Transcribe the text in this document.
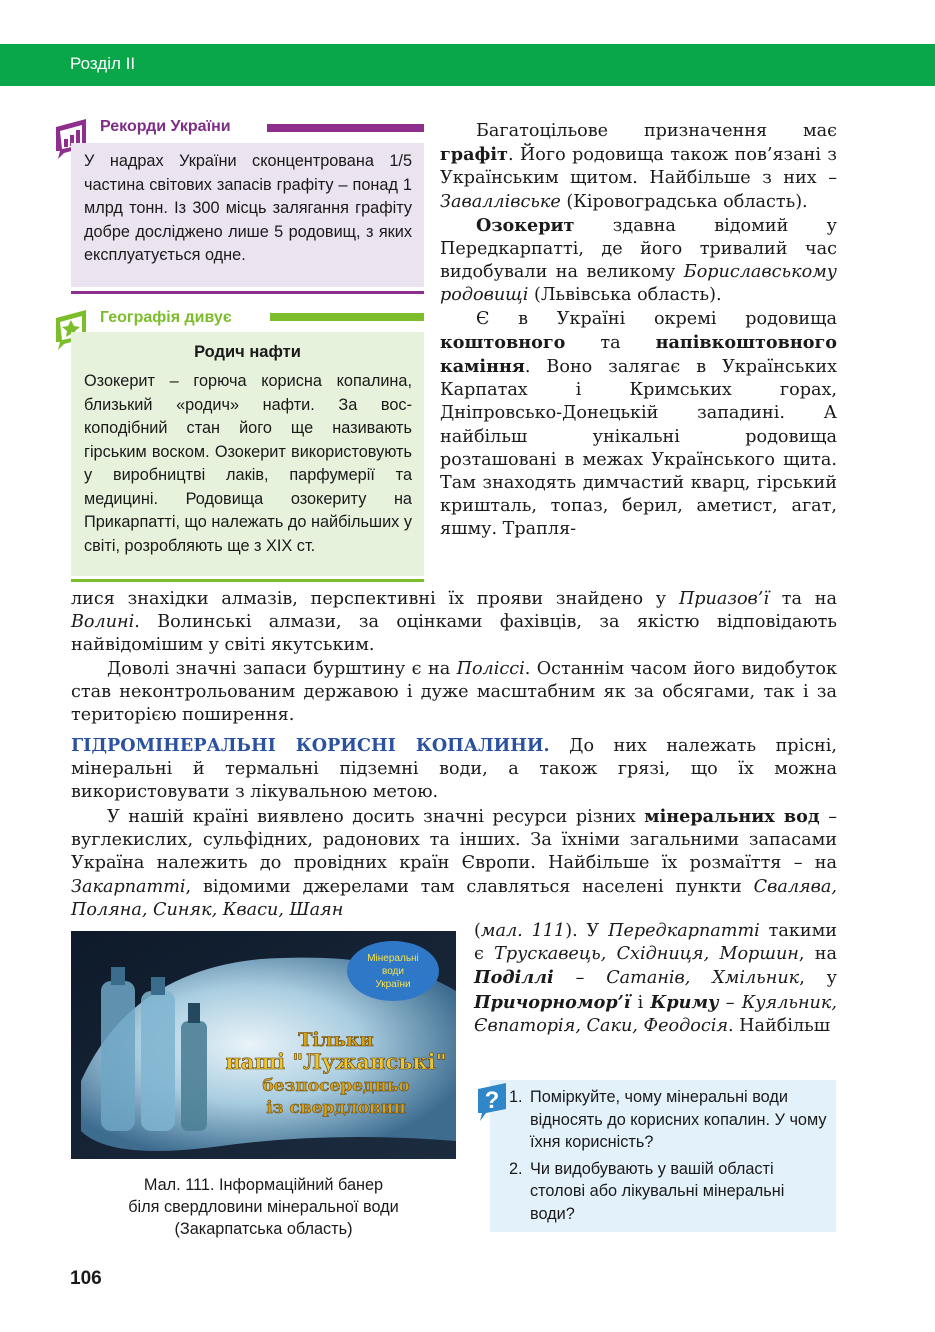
Розділ ІІ
Рекорди України
У надрах України сконцентрована 1/5 частина світових запасів графіту – понад 1 млрд тонн. Із 300 місць залягання графіту добре досліджено лише 5 родовищ, з яких експлуатується одне.
Географія дивує
Родич нафти
Озокерит – горюча корисна копалина, близький «родич» нафти. За воскоподібний стан його ще називають гірським воском. Озокерит використовують у виробництві лаків, парфумерії та медицині. Родовища озокериту на Прикарпатті, що належать до найбільших у світі, розробляють ще з ХІХ ст.

Багатоцільове призначення має графіт. Його родовища також пов’язані з Українським щитом. Найбільше з них – Заваллівське (Кіровоградська область).

Озокерит здавна відомий у Передкарпатті, де його тривалий час видобували на великому Бориславському родовищі (Львівська область).

Є в Україні окремі родовища коштовного та напівкоштовного каміння. Воно залягає в Українських Карпатах і Кримських горах, Дніпровсько-Донецькій западині. А найбільш унікальні родовища розташовані в межах Українського щита. Там знаходять димчастий кварц, гірський кришталь, топаз, берил, аметист, агат, яшму. Трапля-

лися знахідки алмазів, перспективні їх прояви знайдено у Приазов’ї та на Волині. Волинські алмази, за оцінками фахівців, за якістю відповідають найвідомішим у світі якутським.

Доволі значні запаси бурштину є на Поліссі. Останнім часом його видобуток став неконтрольованим державою і дуже масштабним як за обсягами, так і за територією поширення.

ГІДРОМІНЕРАЛЬНІ КОРИСНІ КОПАЛИНИ. До них належать прісні, мінеральні й термальні підземні води, а також грязі, що їх можна використовувати з лікувальною метою.

У нашій країні виявлено досить значні ресурси різних мінеральних вод – вуглекислих, сульфідних, радонових та інших. За їхніми загальними запасами Україна належить до провідних країн Європи. Найбільше їх розмаїття – на Закарпатті, відомими джерелами там славляться населені пункти Свалява, Поляна, Синяк, Кваси, Шаян

(мал. 111). У Передкарпатті такими є Трускавець, Східниця, Моршин, на Поділлі – Сатанів, Хмільник, у Причорномор’ї і Криму – Куяльник, Євпаторія, Саки, Феодосія. Найбільш

Мінеральні
води
України
Тільки
наші "Лужанські"
безпосередньо
із свердловин
Мал. 111. Інформаційний банер
біля свердловини мінеральної води
(Закарпатська область)
? 1. Поміркуйте, чому мінеральні води відносять до корисних копалин. У чому їхня корисність?
2. Чи видобувають у вашій області столові або лікувальні мінеральні води?
106
